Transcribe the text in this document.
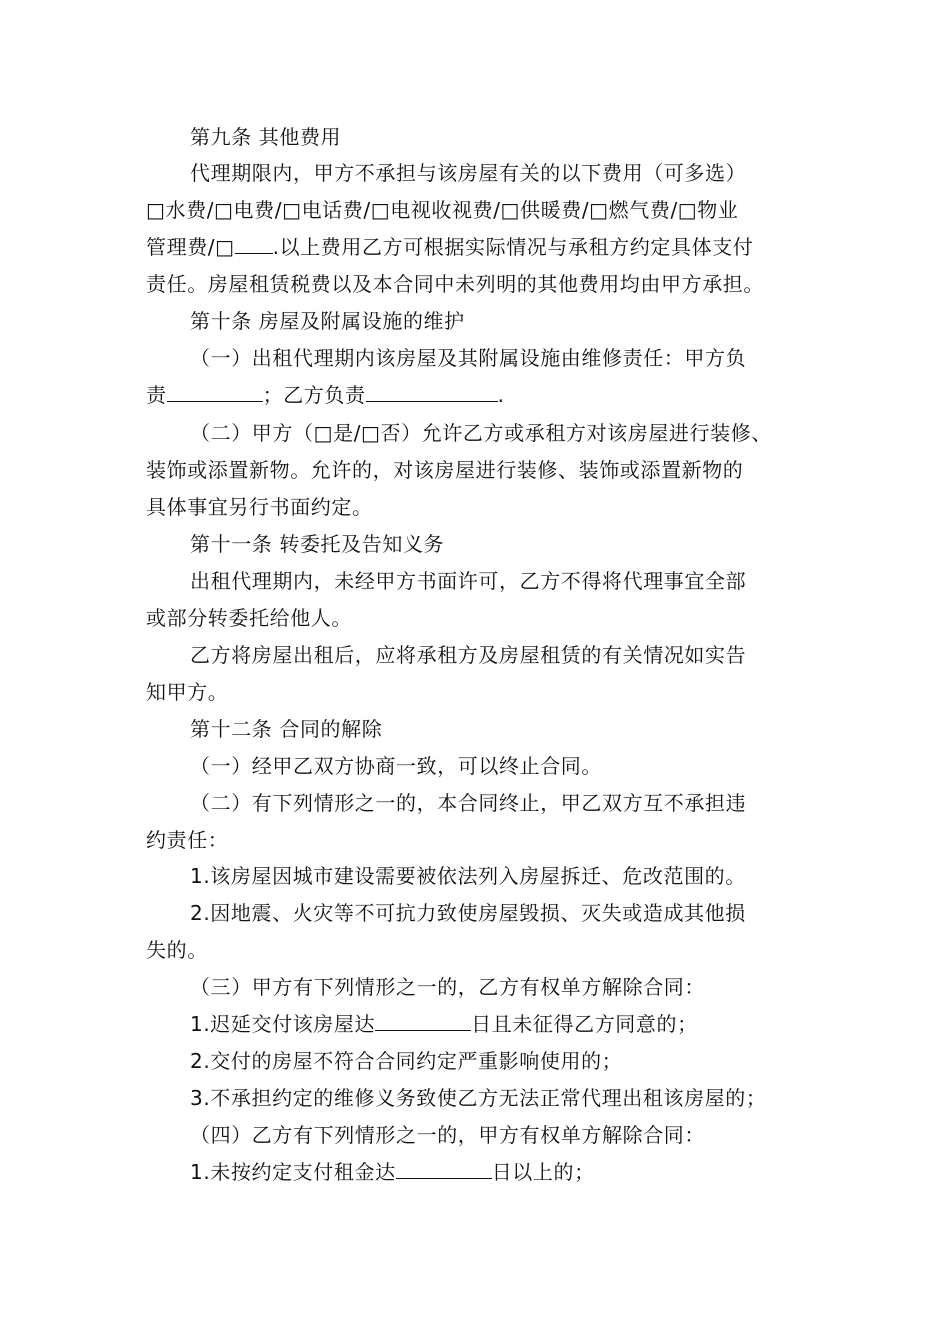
第九条 其他费用
代理期限内，甲方不承担与该房屋有关的以下费用（可多选）
□水费/□电费/□电话费/□电视收视费/□供暖费/□燃气费/□物业
管理费/□ .以上费用乙方可根据实际情况与承租方约定具体支付
责任。房屋租赁税费以及本合同中未列明的其他费用均由甲方承担。
第十条 房屋及附属设施的维护
（一）出租代理期内该房屋及其附属设施由维修责任：甲方负
责	；乙方负责	.
（二）甲方（□是/□否）允许乙方或承租方对该房屋进行装修、
装饰或添置新物。允许的，对该房屋进行装修、装饰或添置新物的
具体事宜另行书面约定。
第十一条 转委托及告知义务
出租代理期内，未经甲方书面许可，乙方不得将代理事宜全部
或部分转委托给他人。
乙方将房屋出租后，应将承租方及房屋租赁的有关情况如实告
知甲方。
第十二条 合同的解除
（一）经甲乙双方协商一致，可以终止合同。
（二）有下列情形之一的，本合同终止，甲乙双方互不承担违
约责任：
1.该房屋因城市建设需要被依法列入房屋拆迁、危改范围的。
2.因地震、火灾等不可抗力致使房屋毁损、灭失或造成其他损
失的。
（三）甲方有下列情形之一的，乙方有权单方解除合同：
1.迟延交付该房屋达	日且未征得乙方同意的；
2.交付的房屋不符合合同约定严重影响使用的；
3.不承担约定的维修义务致使乙方无法正常代理出租该房屋的；
（四）乙方有下列情形之一的，甲方有权单方解除合同：
1.未按约定支付租金达	日以上的；
